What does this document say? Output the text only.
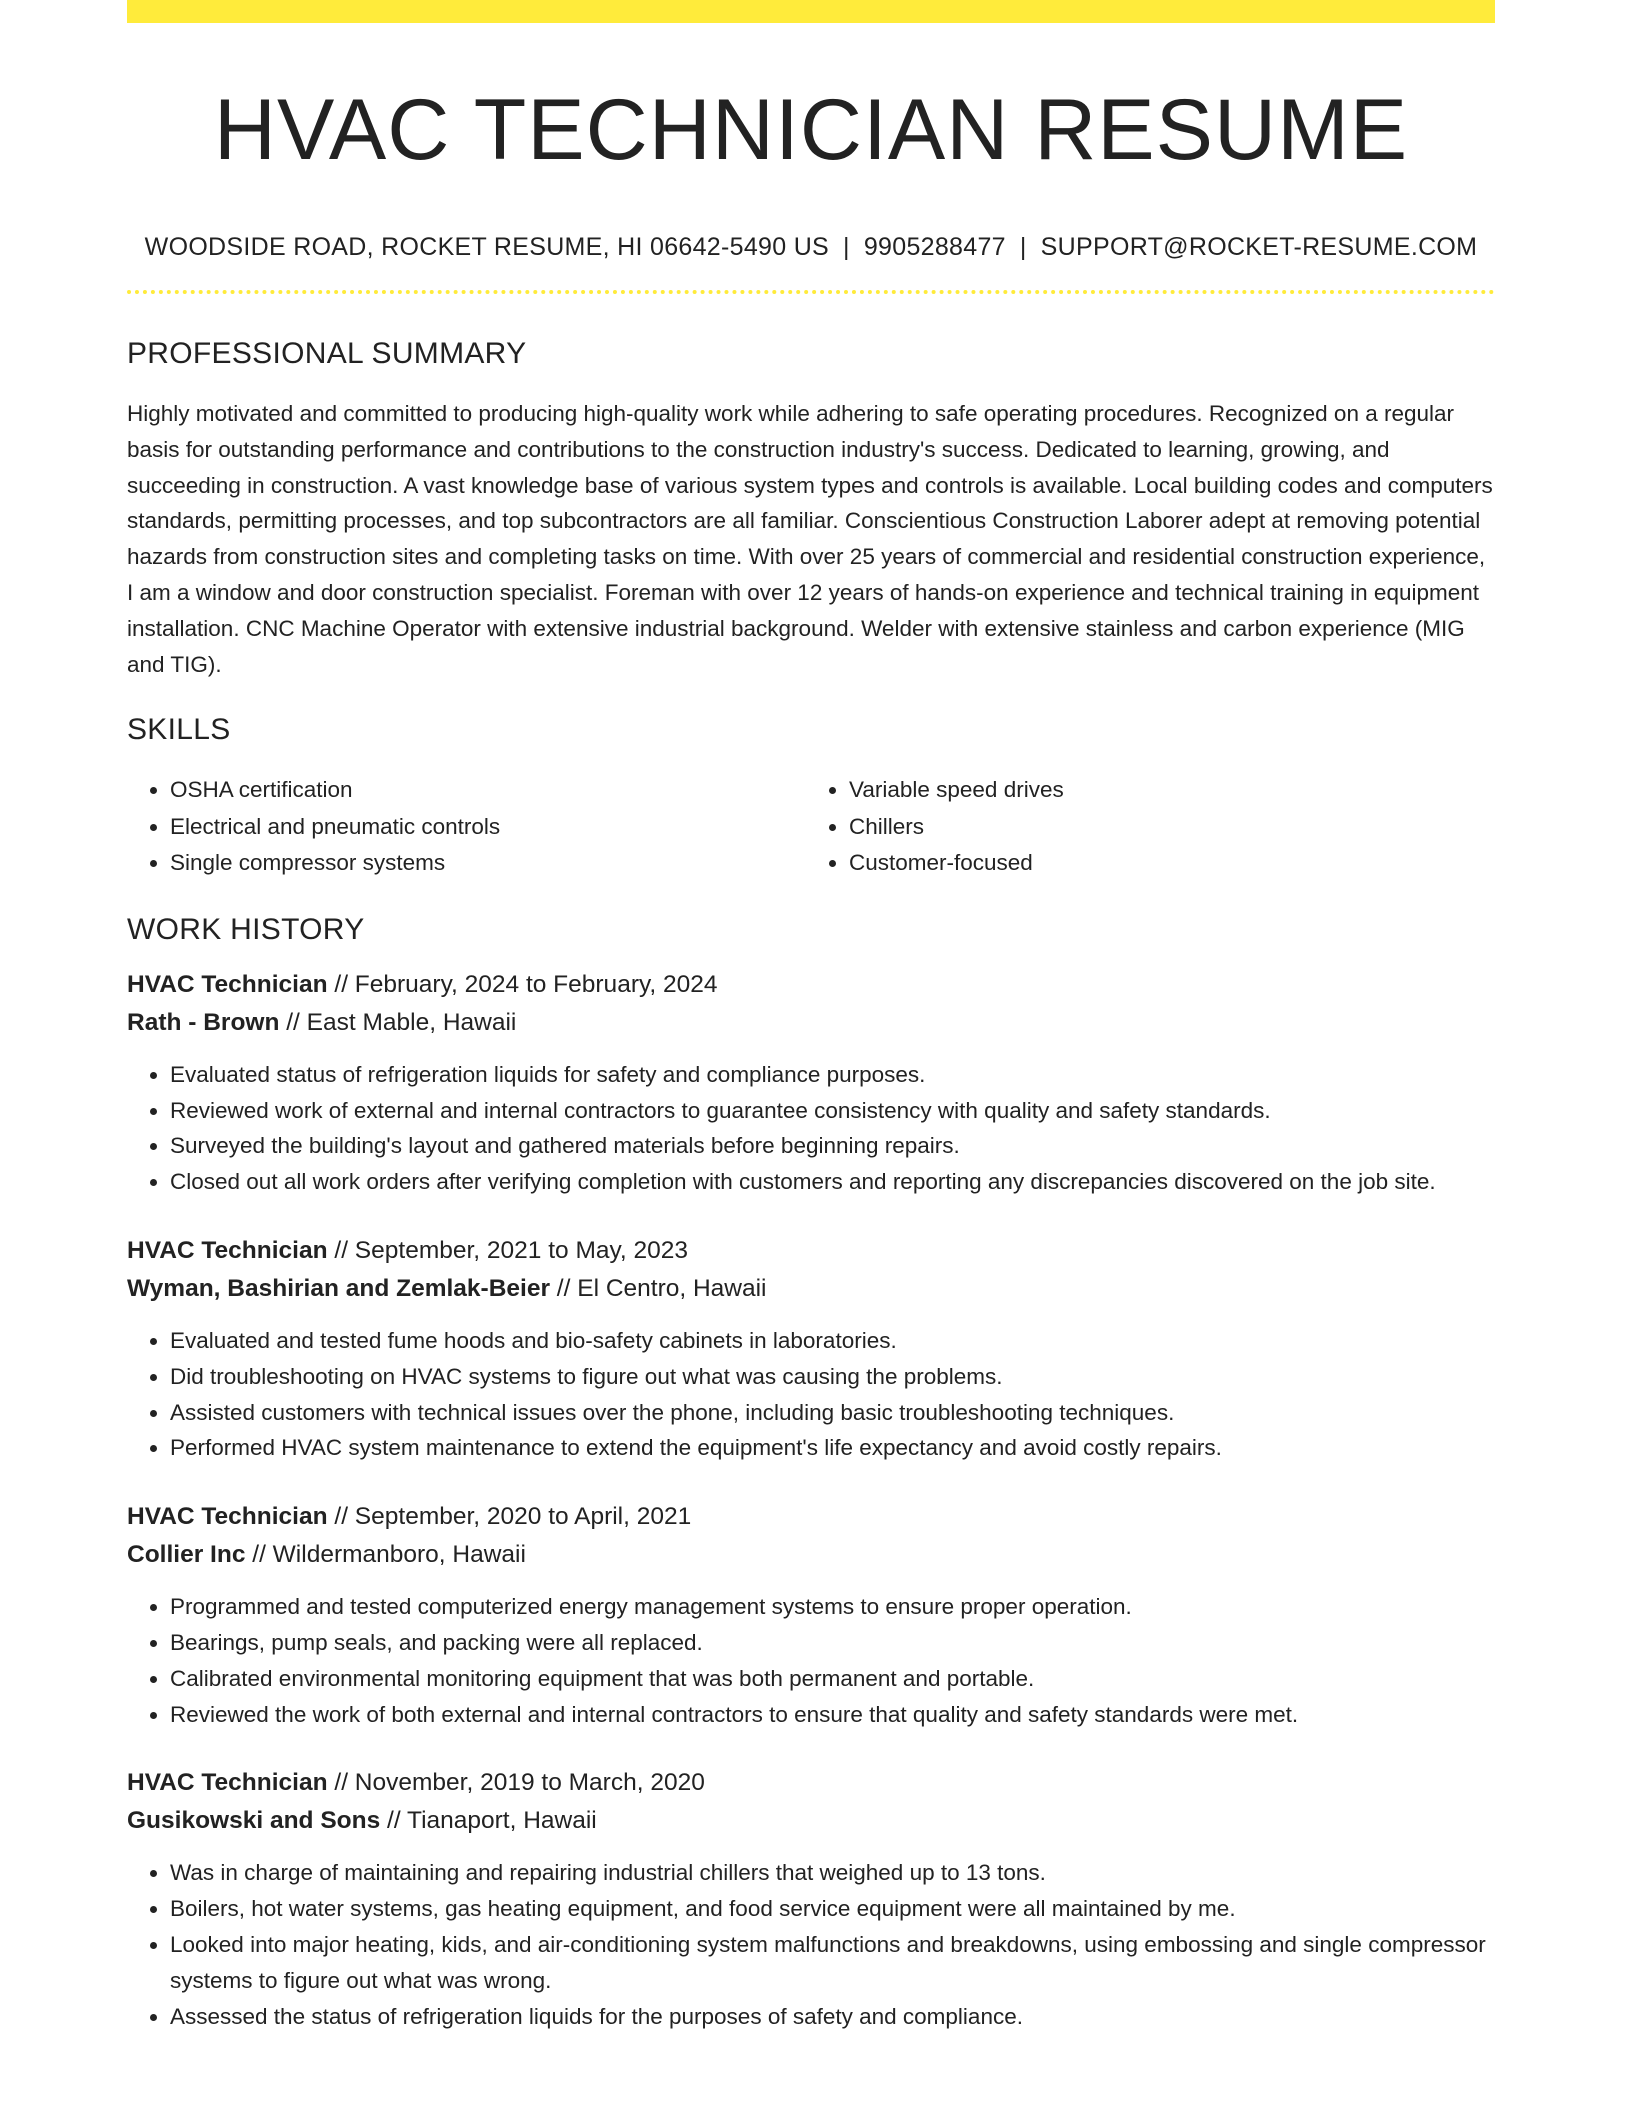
HVAC TECHNICIAN RESUME
WOODSIDE ROAD, ROCKET RESUME, HI 06642-5490 US | 9905288477 | SUPPORT@ROCKET-RESUME.COM
PROFESSIONAL SUMMARY
Highly motivated and committed to producing high-quality work while adhering to safe operating procedures. Recognized on a regular basis for outstanding performance and contributions to the construction industry's success. Dedicated to learning, growing, and succeeding in construction. A vast knowledge base of various system types and controls is available. Local building codes and computers standards, permitting processes, and top subcontractors are all familiar. Conscientious Construction Laborer adept at removing potential hazards from construction sites and completing tasks on time. With over 25 years of commercial and residential construction experience, I am a window and door construction specialist. Foreman with over 12 years of hands-on experience and technical training in equipment installation. CNC Machine Operator with extensive industrial background. Welder with extensive stainless and carbon experience (MIG and TIG).
SKILLS
• OSHA certification
• Electrical and pneumatic controls
• Single compressor systems
• Variable speed drives
• Chillers
• Customer-focused
WORK HISTORY
HVAC Technician // February, 2024 to February, 2024
Rath - Brown // East Mable, Hawaii
• Evaluated status of refrigeration liquids for safety and compliance purposes.
• Reviewed work of external and internal contractors to guarantee consistency with quality and safety standards.
• Surveyed the building's layout and gathered materials before beginning repairs.
• Closed out all work orders after verifying completion with customers and reporting any discrepancies discovered on the job site.
HVAC Technician // September, 2021 to May, 2023
Wyman, Bashirian and Zemlak-Beier // El Centro, Hawaii
• Evaluated and tested fume hoods and bio-safety cabinets in laboratories.
• Did troubleshooting on HVAC systems to figure out what was causing the problems.
• Assisted customers with technical issues over the phone, including basic troubleshooting techniques.
• Performed HVAC system maintenance to extend the equipment's life expectancy and avoid costly repairs.
HVAC Technician // September, 2020 to April, 2021
Collier Inc // Wildermanboro, Hawaii
• Programmed and tested computerized energy management systems to ensure proper operation.
• Bearings, pump seals, and packing were all replaced.
• Calibrated environmental monitoring equipment that was both permanent and portable.
• Reviewed the work of both external and internal contractors to ensure that quality and safety standards were met.
HVAC Technician // November, 2019 to March, 2020
Gusikowski and Sons // Tianaport, Hawaii
• Was in charge of maintaining and repairing industrial chillers that weighed up to 13 tons.
• Boilers, hot water systems, gas heating equipment, and food service equipment were all maintained by me.
• Looked into major heating, kids, and air-conditioning system malfunctions and breakdowns, using embossing and single compressor systems to figure out what was wrong.
• Assessed the status of refrigeration liquids for the purposes of safety and compliance.
